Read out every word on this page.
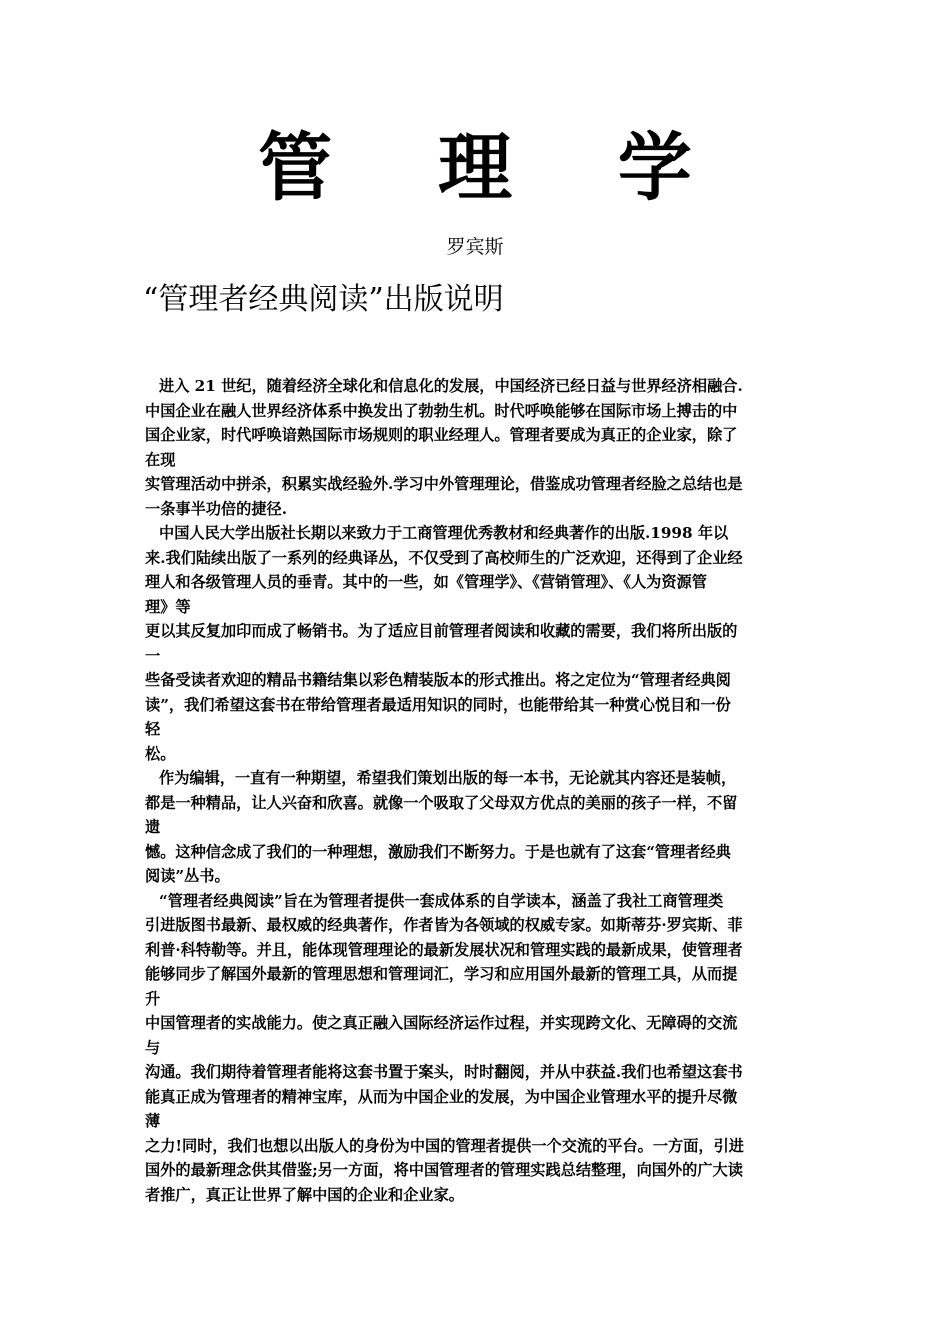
管 理 学
罗宾斯
“管理者经典阅读”出版说明
进入 21 世纪，随着经济全球化和信息化的发展，中国经济已经日益与世界经济相融合.
中国企业在融人世界经济体系中换发出了勃勃生机。时代呼唤能够在国际市场上搏击的中
国企业家，时代呼唤谙熟国际市场规则的职业经理人。管理者要成为真正的企业家，除了
在现
实管理活动中拼杀，积累实战经验外.学习中外管理理论，借鉴成功管理者经脸之总结也是
一条事半功倍的捷径.
中国人民大学出版社长期以来致力于工商管理优秀教材和经典著作的出版.1998 年以
来.我们陆续出版了一系列的经典译丛，不仅受到了高校师生的广泛欢迎，还得到了企业经
理人和各级管理人员的垂青。其中的一些，如《管理学》、《营销管理》、《人为资源管
理》等
更以其反复加印而成了畅销书。为了适应目前管理者阅读和收藏的需要，我们将所出版的
一
些备受读者欢迎的精品书籍结集以彩色精装版本的形式推出。将之定位为“管理者经典阅
读”，我们希望这套书在带给管理者最适用知识的同时，也能带给其一种赏心悦目和一份
轻
松。
作为编辑，一直有一种期望，希望我们策划出版的每一本书，无论就其内容还是装帧，
都是一种精品，让人兴奋和欣喜。就像一个吸取了父母双方优点的美丽的孩子一样，不留
遗
憾。这种信念成了我们的一种理想，激励我们不断努力。于是也就有了这套“管理者经典
阅读”丛书。
“管理者经典阅读”旨在为管理者提供一套成体系的自学读本，涵盖了我社工商管理类
引进版图书最新、最权威的经典著作，作者皆为各领域的权威专家。如斯蒂芬·罗宾斯、菲
利普·科特勒等。并且，能体现管理理论的最新发展状况和管理实践的最新成果，使管理者
能够同步了解国外最新的管理思想和管理词汇，学习和应用国外最新的管理工具，从而提
升
中国管理者的实战能力。使之真正融入国际经济运作过程，并实现跨文化、无障碍的交流
与
沟通。我们期待着管理者能将这套书置于案头，时时翻阅，并从中获益.我们也希望这套书
能真正成为管理者的精神宝库，从而为中国企业的发展，为中国企业管理水平的提升尽微
薄
之力!同时，我们也想以出版人的身份为中国的管理者提供一个交流的平台。一方面，引进
国外的最新理念供其借鉴;另一方面，将中国管理者的管理实践总结整理，向国外的广大读
者推广，真正让世界了解中国的企业和企业家。
